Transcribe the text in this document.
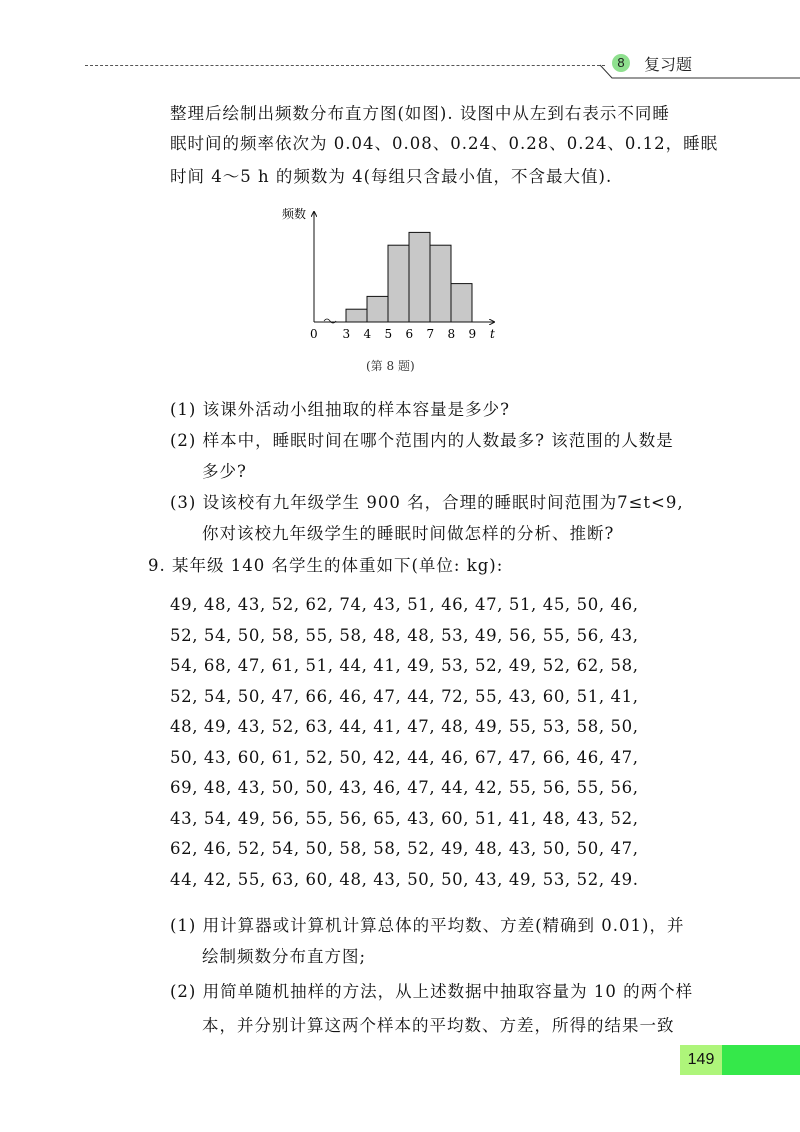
8	复习题
整理后绘制出频数分布直方图(如图). 设图中从左到右表示不同睡
眠时间的频率依次为 0.04、0.08、0.24、0.28、0.24、0.12，睡眠
时间 4～5 h 的频数为 4(每组只含最小值，不含最大值).
频数
t
0 3 4 5 6 7 8 9
(第 8 题)
(1) 该课外活动小组抽取的样本容量是多少?
(2) 样本中，睡眠时间在哪个范围内的人数最多? 该范围的人数是
多少?
(3) 设该校有九年级学生 900 名，合理的睡眠时间范围为7≤t<9,
你对该校九年级学生的睡眠时间做怎样的分析、推断?
9. 某年级 140 名学生的体重如下(单位: kg):
49, 48, 43, 52, 62, 74, 43, 51, 46, 47, 51, 45, 50, 46,
52, 54, 50, 58, 55, 58, 48, 48, 53, 49, 56, 55, 56, 43,
54, 68, 47, 61, 51, 44, 41, 49, 53, 52, 49, 52, 62, 58,
52, 54, 50, 47, 66, 46, 47, 44, 72, 55, 43, 60, 51, 41,
48, 49, 43, 52, 63, 44, 41, 47, 48, 49, 55, 53, 58, 50,
50, 43, 60, 61, 52, 50, 42, 44, 46, 67, 47, 66, 46, 47,
69, 48, 43, 50, 50, 43, 46, 47, 44, 42, 55, 56, 55, 56,
43, 54, 49, 56, 55, 56, 65, 43, 60, 51, 41, 48, 43, 52,
62, 46, 52, 54, 50, 58, 58, 52, 49, 48, 43, 50, 50, 47,
44, 42, 55, 63, 60, 48, 43, 50, 50, 43, 49, 53, 52, 49.
(1) 用计算器或计算机计算总体的平均数、方差(精确到 0.01)，并
绘制频数分布直方图;
(2) 用简单随机抽样的方法，从上述数据中抽取容量为 10 的两个样
本，并分别计算这两个样本的平均数、方差，所得的结果一致
149
